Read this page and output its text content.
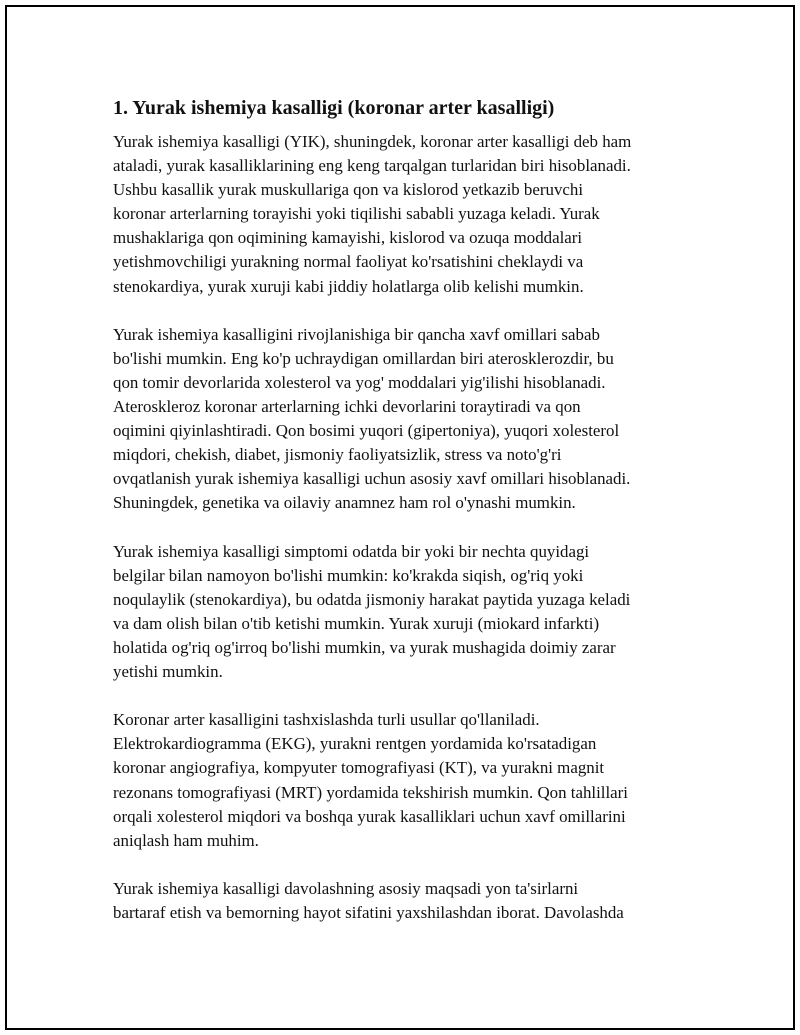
1. Yurak ishemiya kasalligi (koronar arter kasalligi)
Yurak ishemiya kasalligi (YIK), shuningdek, koronar arter kasalligi deb ham
ataladi, yurak kasalliklarining eng keng tarqalgan turlaridan biri hisoblanadi.
Ushbu kasallik yurak muskullariga qon va kislorod yetkazib beruvchi
koronar arterlarning torayishi yoki tiqilishi sababli yuzaga keladi. Yurak
mushaklariga qon oqimining kamayishi, kislorod va ozuqa moddalari
yetishmovchiligi yurakning normal faoliyat ko'rsatishini cheklaydi va
stenokardiya, yurak xuruji kabi jiddiy holatlarga olib kelishi mumkin.
Yurak ishemiya kasalligini rivojlanishiga bir qancha xavf omillari sabab
bo'lishi mumkin. Eng ko'p uchraydigan omillardan biri aterosklerozdir, bu
qon tomir devorlarida xolesterol va yog' moddalari yig'ilishi hisoblanadi.
Ateroskleroz koronar arterlarning ichki devorlarini toraytiradi va qon
oqimini qiyinlashtiradi. Qon bosimi yuqori (gipertoniya), yuqori xolesterol
miqdori, chekish, diabet, jismoniy faoliyatsizlik, stress va noto'g'ri
ovqatlanish yurak ishemiya kasalligi uchun asosiy xavf omillari hisoblanadi.
Shuningdek, genetika va oilaviy anamnez ham rol o'ynashi mumkin.
Yurak ishemiya kasalligi simptomi odatda bir yoki bir nechta quyidagi
belgilar bilan namoyon bo'lishi mumkin: ko'krakda siqish, og'riq yoki
noqulaylik (stenokardiya), bu odatda jismoniy harakat paytida yuzaga keladi
va dam olish bilan o'tib ketishi mumkin. Yurak xuruji (miokard infarkti)
holatida og'riq og'irroq bo'lishi mumkin, va yurak mushagida doimiy zarar
yetishi mumkin.
Koronar arter kasalligini tashxislashda turli usullar qo'llaniladi.
Elektrokardiogramma (EKG), yurakni rentgen yordamida ko'rsatadigan
koronar angiografiya, kompyuter tomografiyasi (KT), va yurakni magnit
rezonans tomografiyasi (MRT) yordamida tekshirish mumkin. Qon tahlillari
orqali xolesterol miqdori va boshqa yurak kasalliklari uchun xavf omillarini
aniqlash ham muhim.
Yurak ishemiya kasalligi davolashning asosiy maqsadi yon ta'sirlarni
bartaraf etish va bemorning hayot sifatini yaxshilashdan iborat. Davolashda
